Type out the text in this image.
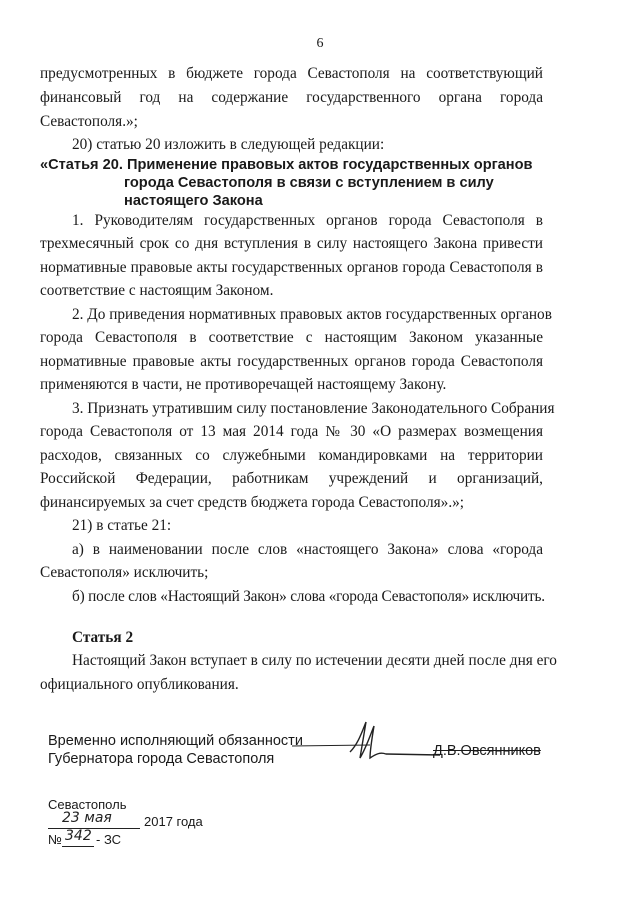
6
предусмотренных в бюджете города Севастополя на соответствующий
финансовый год на содержание государственного органа города
Севастополя.»;
20) статью 20 изложить в следующей редакции:
«Статья 20. Применение правовых актов государственных органов
города Севастополя в связи с вступлением в силу
настоящего Закона
1. Руководителям государственных органов города Севастополя в
трехмесячный срок со дня вступления в силу настоящего Закона привести
нормативные правовые акты государственных органов города Севастополя в
соответствие с настоящим Законом.
2. До приведения нормативных правовых актов государственных органов
города Севастополя в соответствие с настоящим Законом указанные
нормативные правовые акты государственных органов города Севастополя
применяются в части, не противоречащей настоящему Закону.
3. Признать утратившим силу постановление Законодательного Собрания
города Севастополя от 13 мая 2014 года № 30 «О размерах возмещения
расходов, связанных со служебными командировками на территории
Российской Федерации, работникам учреждений и организаций,
финансируемых за счет средств бюджета города Севастополя».»;
21) в статье 21:
а) в наименовании после слов «настоящего Закона» слова «города
Севастополя» исключить;
б) после слов «Настоящий Закон» слова «города Севастополя» исключить.
Статья 2
Настоящий Закон вступает в силу по истечении десяти дней после дня его
официального опубликования.
Временно исполняющий обязанности
Губернатора города Севастополя	Д.В.Овсянников
Севастополь
23 мая 2017 года
№ 342 - ЗС
